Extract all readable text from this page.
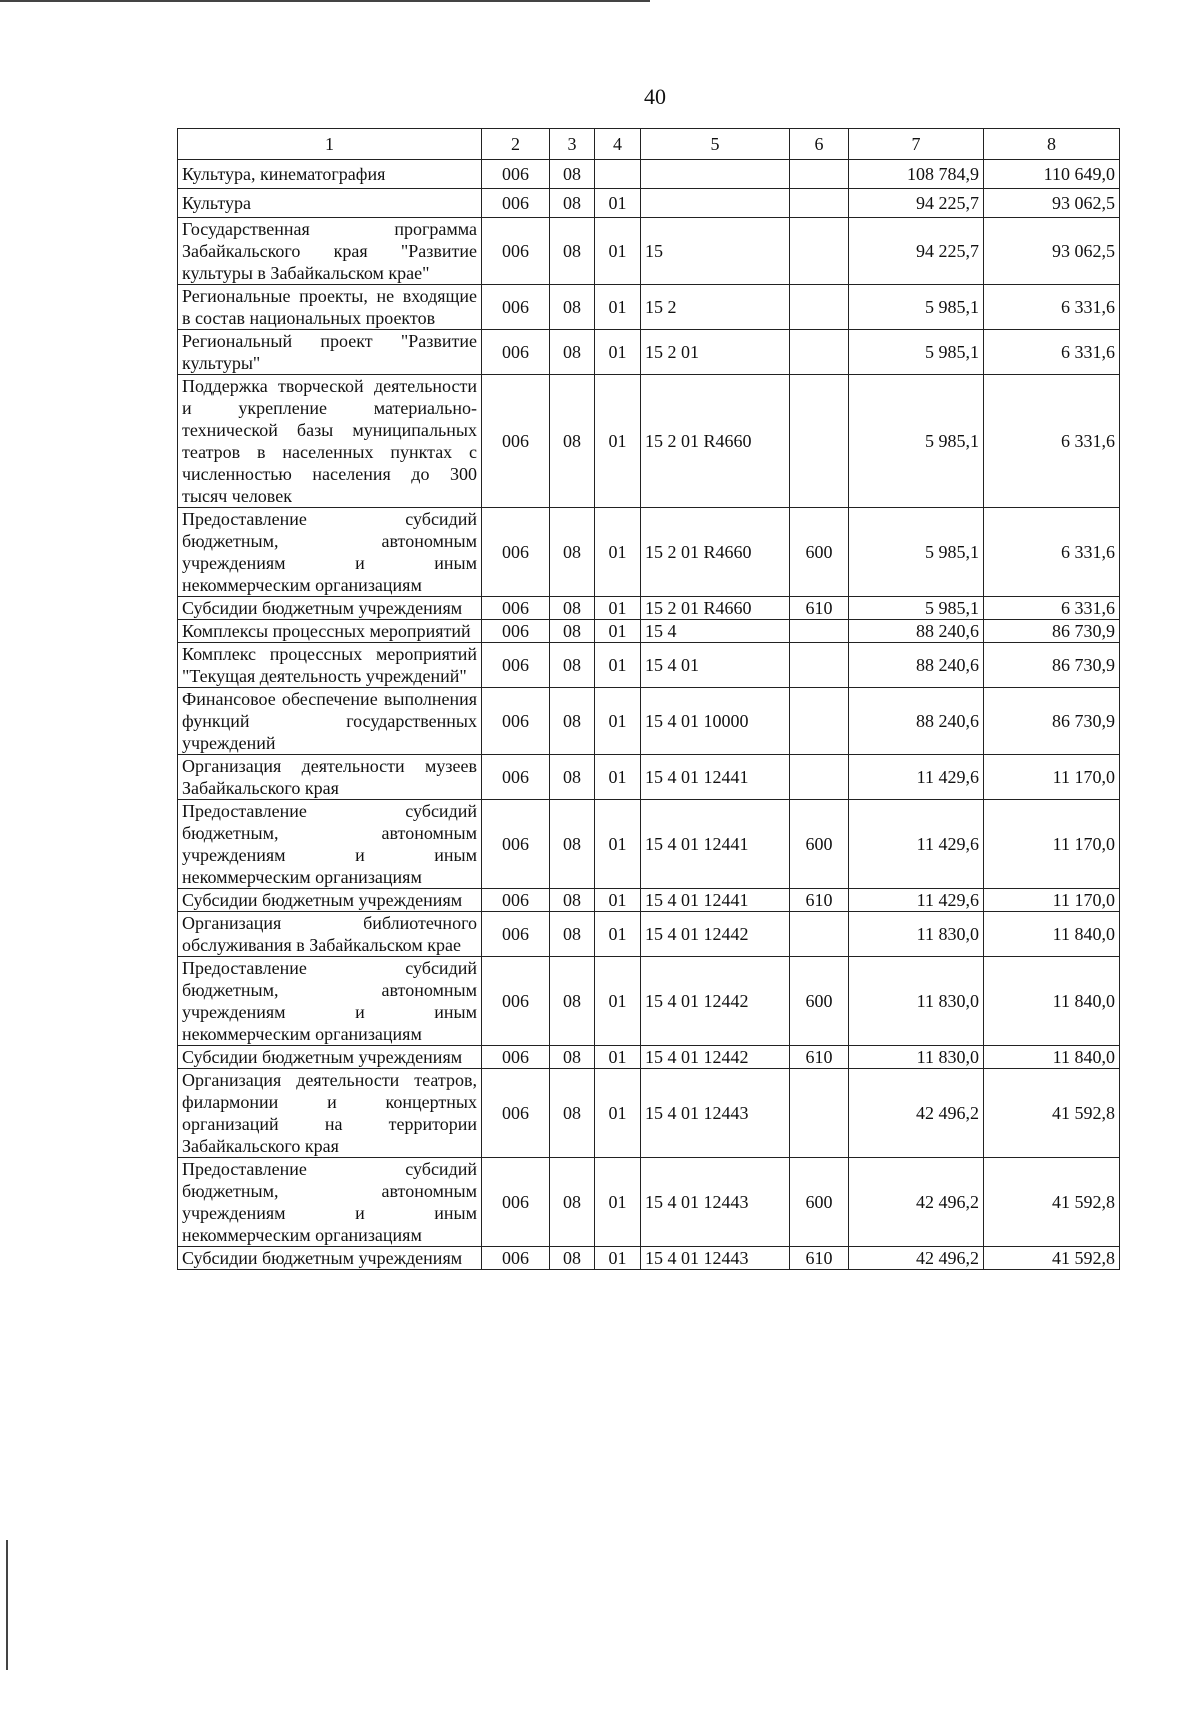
40
1	2	3	4	5	6	7	8
Культура, кинематография	006	08				108 784,9	110 649,0
Культура	006	08	01			94 225,7	93 062,5
Государственная программа Забайкальского края "Развитие культуры в Забайкальском крае"	006	08	01	15		94 225,7	93 062,5
Региональные проекты, не входящие в состав национальных проектов	006	08	01	15 2		5 985,1	6 331,6
Региональный проект "Развитие культуры"	006	08	01	15 2 01		5 985,1	6 331,6
Поддержка творческой деятельности и укрепление материально-технической базы муниципальных театров в населенных пунктах с численностью населения до 300 тысяч человек	006	08	01	15 2 01 R4660		5 985,1	6 331,6
Предоставление субсидий бюджетным, автономным учреждениям и иным некоммерческим организациям	006	08	01	15 2 01 R4660	600	5 985,1	6 331,6
Субсидии бюджетным учреждениям	006	08	01	15 2 01 R4660	610	5 985,1	6 331,6
Комплексы процессных мероприятий	006	08	01	15 4		88 240,6	86 730,9
Комплекс процессных мероприятий "Текущая деятельность учреждений"	006	08	01	15 4 01		88 240,6	86 730,9
Финансовое обеспечение выполнения функций государственных учреждений	006	08	01	15 4 01 10000		88 240,6	86 730,9
Организация деятельности музеев Забайкальского края	006	08	01	15 4 01 12441		11 429,6	11 170,0
Предоставление субсидий бюджетным, автономным учреждениям и иным некоммерческим организациям	006	08	01	15 4 01 12441	600	11 429,6	11 170,0
Субсидии бюджетным учреждениям	006	08	01	15 4 01 12441	610	11 429,6	11 170,0
Организация библиотечного обслуживания в Забайкальском крае	006	08	01	15 4 01 12442		11 830,0	11 840,0
Предоставление субсидий бюджетным, автономным учреждениям и иным некоммерческим организациям	006	08	01	15 4 01 12442	600	11 830,0	11 840,0
Субсидии бюджетным учреждениям	006	08	01	15 4 01 12442	610	11 830,0	11 840,0
Организация деятельности театров, филармонии и концертных организаций на территории Забайкальского края	006	08	01	15 4 01 12443		42 496,2	41 592,8
Предоставление субсидий бюджетным, автономным учреждениям и иным некоммерческим организациям	006	08	01	15 4 01 12443	600	42 496,2	41 592,8
Субсидии бюджетным учреждениям	006	08	01	15 4 01 12443	610	42 496,2	41 592,8
